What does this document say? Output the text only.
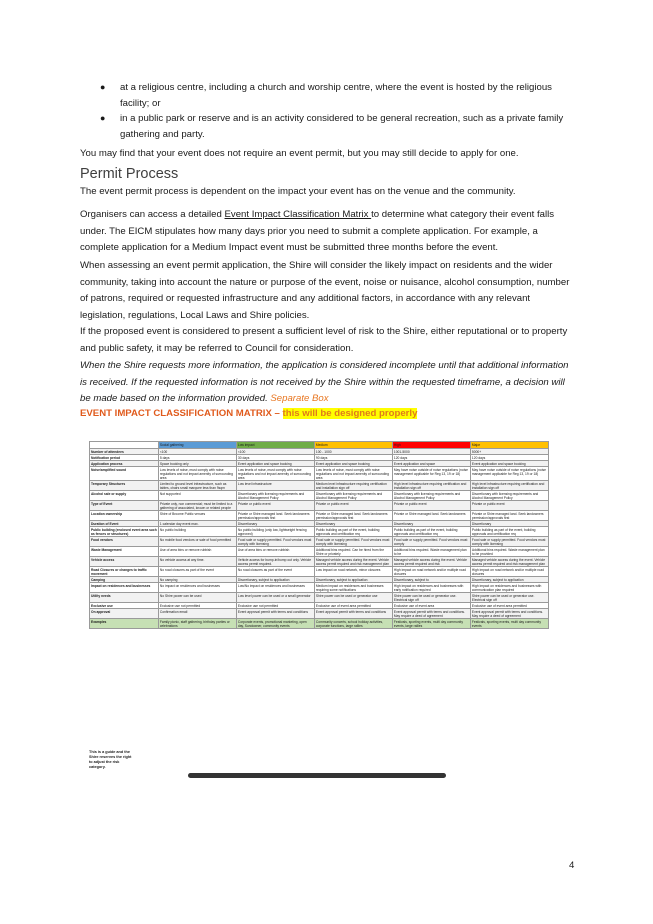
● at a religious centre, including a church and worship centre, where the event is hosted by the religious facility; or
● in a public park or reserve and is an activity considered to be general recreation, such as a private family gathering and party.

You may find that your event does not require an event permit, but you may still decide to apply for one.

Permit Process

The event permit process is dependent on the impact your event has on the venue and the community.

Organisers can access a detailed Event Impact Classification Matrix to determine what category their event falls under. The EICM stipulates how many days prior you need to submit a complete application. For example, a complete application for a Medium Impact event must be submitted three months before the event.

When assessing an event permit application, the Shire will consider the likely impact on residents and the wider community, taking into account the nature or purpose of the event, noise or nuisance, alcohol consumption, number of patrons, required or requested infrastructure and any additional factors, in accordance with any relevant legislation, regulations, Local Laws and Shire policies.

If the proposed event is considered to present a sufficient level of risk to the Shire, either reputational or to property and public safety, it may be referred to Council for consideration.

When the Shire requests more information, the application is considered incomplete until that additional information is received. If the requested information is not received by the Shire within the requested timeframe, a decision will be made based on the information provided. Separate Box

EVENT IMPACT CLASSIFICATION MATRIX – this will be designed properly
	Social gathering	Low impact	Medium	High	Major
Number of attendees	<100	<100	100 - 1000	1001-5000	5000+
Notification period	5 days	30 days	90 days	120 days	120 days
Application process	Space booking only	Event application and space booking	Event application and space booking	Event application and space	Event application and space booking
Noise/amplified sound	Low levels of noise, must comply with noise regulations and not impact amenity of surrounding area	Low levels of noise, must comply with noise regulations and not impact amenity of surrounding area	Low levels of noise, must comply with noise regulations and not impact amenity of surrounding area	May have noise outside of noise regulations (noise management applicable for Reg 13, 19 or 18)	May have noise outside of noise regulations (noise management applicable for Reg 13, 19 or 18)
Temporary Structures	Limited to ground level infrastructure, such as tables, chairs small marquee less than 9sqm	Low level infrastructure	Medium level infrastructure requiring certification and installation sign off	High level infrastructure requiring certification and installation sign off	High level infrastructure requiring certification and installation sign off
Alcohol sale or supply	Not supported	Discretionary with licensing requirements and Alcohol Management Policy	Discretionary with licensing requirements and Alcohol Management Policy	Discretionary with licensing requirements and Alcohol Management Policy	Discretionary with licensing requirements and Alcohol Management Policy
Type of Event	Private only, non commercial; must be limited to a gathering of associated, known or related people	Private or public event	Private or public event	Private or public event	Private or public event
Location ownership	Shire of Broome Public venues	Private or Shire managed land. Seek landowners permission/approvals first	Private or Shire managed land. Seek landowners permission/approvals first	Private or Shire managed land. Seek landowners	Private or Shire managed land. Seek landowners permission/approvals first
Duration of Event	1 calendar day event max.	Discretionary	Discretionary	Discretionary	Discretionary
Public building (enclosed event area such as fences or structures)	No public building	No public building (only low, lightweight fencing approved)	Public building as part of the event, building approvals and certification req	Public building as part of the event, building approvals and certification req	Public building as part of the event, building approvals and certification req
Food vendors	No mobile food vendors or sale of food permitted	Food sale or supply permitted. Food vendors must comply with licensing	Food sale or supply permitted. Food vendors must comply with licensing	Food sale or supply permitted. Food vendors must comply	Food sale or supply permitted. Food vendors must comply with licensing
Waste Management	Use of area bins or remove rubbish	Use of area bins or remove rubbish	Additional bins required. Can be hired from the Shire or privately	Additional bins required. Waste management plan to be	Additional bins required. Waste management plan to be provided
Vehicle access	No vehicle access at any time.	Vehicle access for bump-in/bump out only. Vehicle access permit required.	Managed vehicle access during the event. Vehicle access permit required and risk management plan	Managed vehicle access during the event. Vehicle access permit required and risk	Managed vehicle access during the event. Vehicle access permit required and risk management plan
Road Closures or changes to traffic movement	No road closures as part of the event	No road closures as part of the event	Low impact on road network, minor closures	High impact on road network and/or multiple road closures	High impact on road network and/or multiple road closures
Camping	No camping	Discretionary, subject to application	Discretionary, subject to application	Discretionary, subject to	Discretionary, subject to application
Impact on residences and businesses	No impact on residences and businesses	Low/No impact on residences and businesses	Medium impact on residences and businesses requiring some notifications	High impact on residences and businesses with early notification required	High impact on residences and businesses with communication plan required
Utility needs	No Shire power can be used	Low level power can be used or a small generator	Shire power can be used or generator use	Shire power can be used or generator use. Electrical sign off	Shire power can be used or generator use. Electrical sign off
Exclusive use	Exclusive use not permitted	Exclusive use not permitted	Exclusive use of event area permitted	Exclusive use of event area	Exclusive use of event area permitted
On approval	Confirmation email	Event approval permit with terms and conditions	Event approval permit with terms and conditions	Event approval permit with terms and conditions. May require a deed of agreement	Event approval permit with terms and conditions. May require a deed of agreement
Examples	Family picnic, staff gathering, birthday parties or celebrations	Corporate events, promotional marketing, open day, Sundowner, community events	Community concerts, school holiday activities, corporate functions, large rallies	Festivals, sporting events, multi day community events, large rallies	Festivals, sporting events, multi day community events
This is a guide and the Shire reserves the right to adjust the risk category.
4
